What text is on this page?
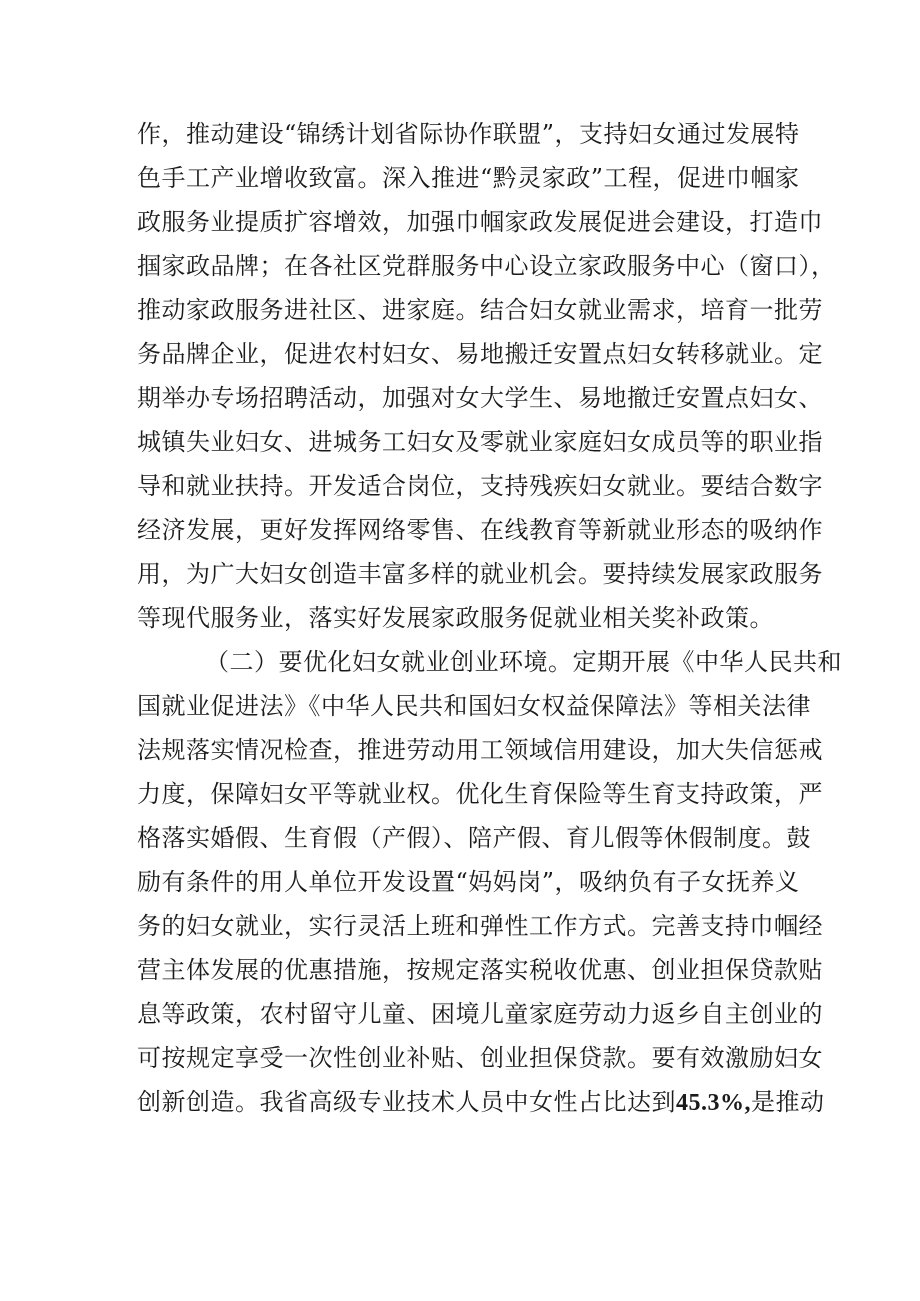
作，推动建设“锦绣计划省际协作联盟”，支持妇女通过发展特
色手工产业增收致富。深入推进“黔灵家政”工程，促进巾帼家
政服务业提质扩容增效，加强巾帼家政发展促进会建设，打造巾
掴家政品牌；在各社区党群服务中心设立家政服务中心（窗口），
推动家政服务进社区、进家庭。结合妇女就业需求，培育一批劳
务品牌企业，促进农村妇女、易地搬迁安置点妇女转移就业。定
期举办专场招聘活动，加强对女大学生、易地撤迁安置点妇女、
城镇失业妇女、进城务工妇女及零就业家庭妇女成员等的职业指
导和就业扶持。开发适合岗位，支持残疾妇女就业。要结合数字
经济发展，更好发挥网络零售、在线教育等新就业形态的吸纳作
用，为广大妇女创造丰富多样的就业机会。要持续发展家政服务
等现代服务业，落实好发展家政服务促就业相关奖补政策。
（二）要优化妇女就业创业环境。定期开展《中华人民共和
国就业促进法》《中华人民共和国妇女权益保障法》等相关法律
法规落实情况检查，推进劳动用工领域信用建设，加大失信惩戒
力度，保障妇女平等就业权。优化生育保险等生育支持政策，严
格落实婚假、生育假（产假）、陪产假、育儿假等休假制度。鼓
励有条件的用人单位开发设置“妈妈岗”，吸纳负有子女抚养义
务的妇女就业，实行灵活上班和弹性工作方式。完善支持巾帼经
营主体发展的优惠措施，按规定落实税收优惠、创业担保贷款贴
息等政策，农村留守儿童、困境儿童家庭劳动力返乡自主创业的
可按规定享受一次性创业补贴、创业担保贷款。要有效激励妇女
创新创造。我省高级专业技术人员中女性占比达到45.3%,是推动
